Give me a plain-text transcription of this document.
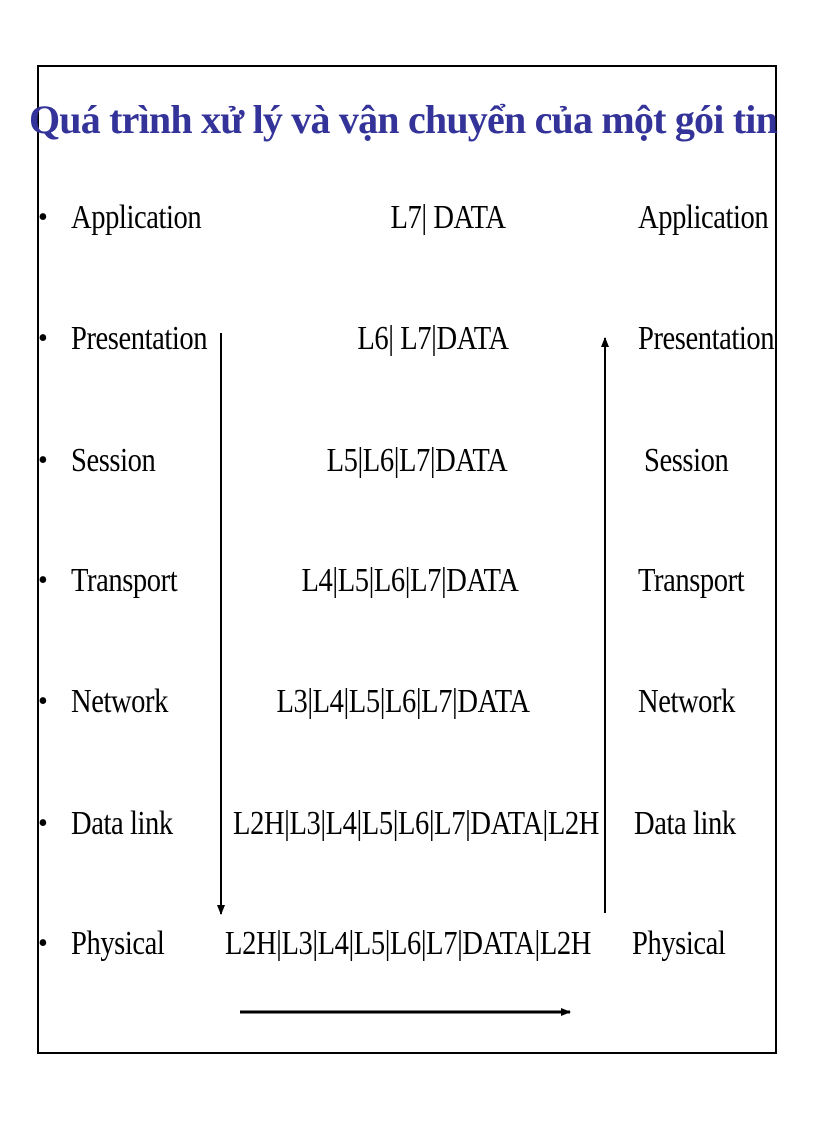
Quá trình xử lý và vận chuyển của một gói tin
• Application	L7| DATA	Application
• Presentation	L6| L7|DATA	Presentation
• Session	L5|L6|L7|DATA	Session
• Transport	L4|L5|L6|L7|DATA	Transport
• Network	L3|L4|L5|L6|L7|DATA	Network
• Data link L2H|L3|L4|L5|L6|L7|DATA|L2H Data link
• Physical L2H|L3|L4|L5|L6|L7|DATA|L2H Physical
